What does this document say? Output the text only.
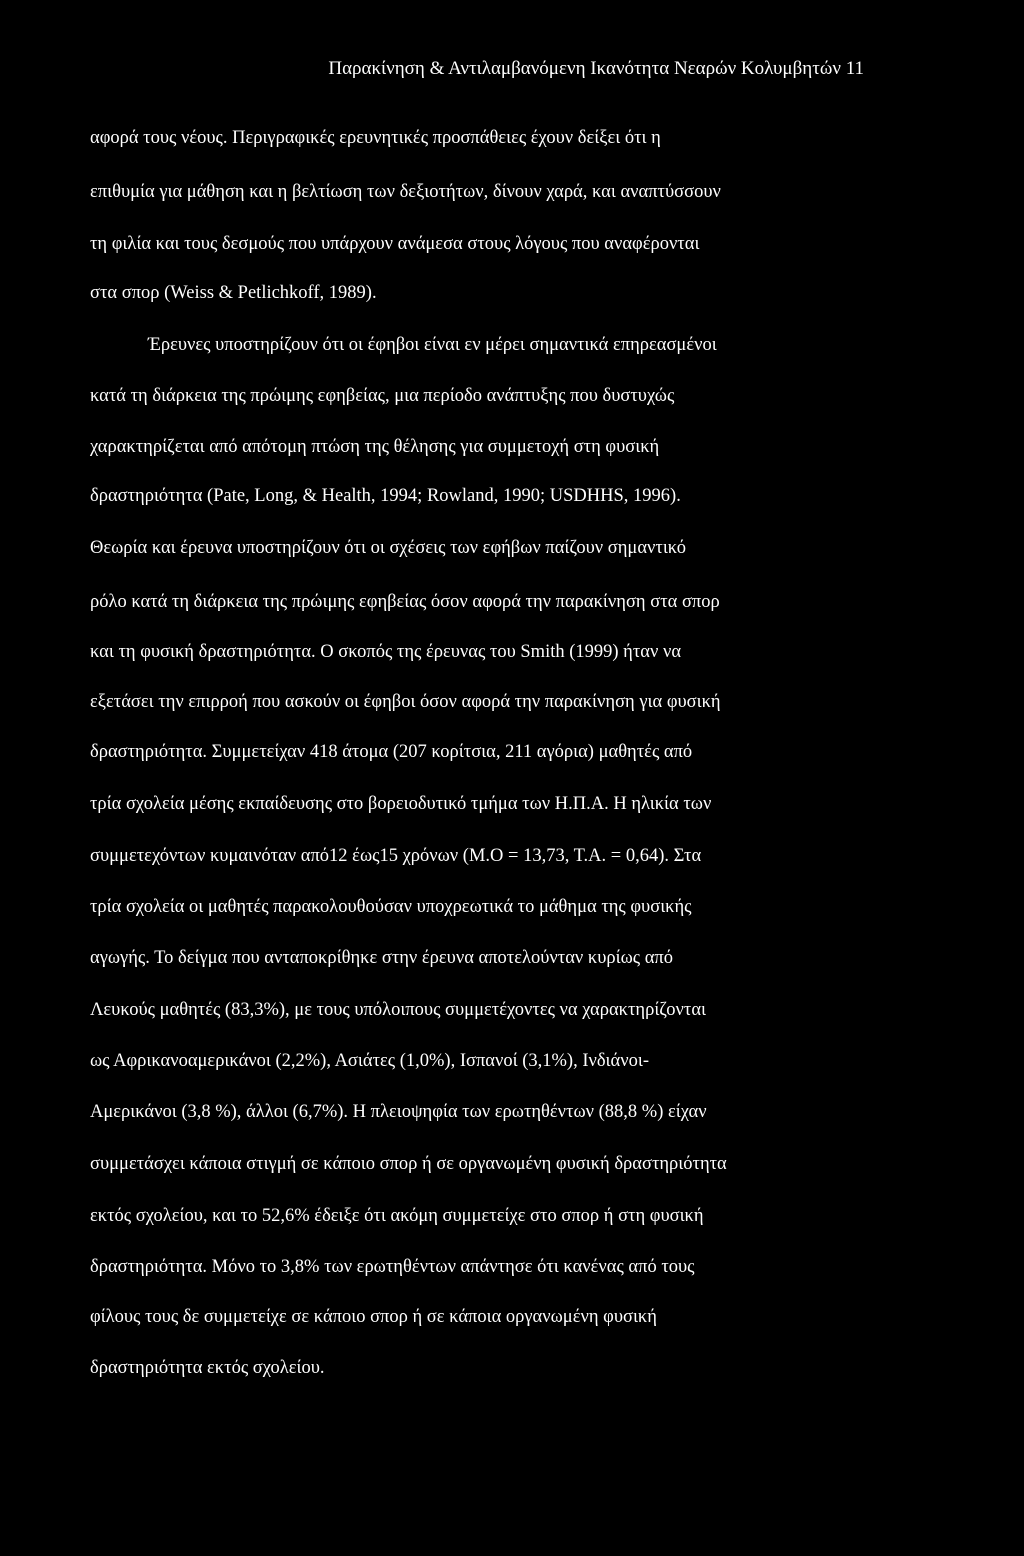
Παρακίνηση & Αντιλαμβανόμενη Ικανότητα Νεαρών Κολυμβητών 11
αφορά τους νέους. Περιγραφικές ερευνητικές προσπάθειες έχουν δείξει ότι η
επιθυμία για μάθηση και η βελτίωση των δεξιοτήτων, δίνουν χαρά, και αναπτύσσουν
τη φιλία και τους δεσμούς που υπάρχουν ανάμεσα στους λόγους που αναφέρονται
στα σπορ (Weiss & Petlichkoff, 1989).
Έρευνες υποστηρίζουν ότι οι έφηβοι είναι εν μέρει σημαντικά επηρεασμένοι
κατά τη διάρκεια της πρώιμης εφηβείας, μια περίοδο ανάπτυξης που δυστυχώς
χαρακτηρίζεται από απότομη πτώση της θέλησης για συμμετοχή στη φυσική
δραστηριότητα (Pate, Long, & Health, 1994; Rowland, 1990; USDHHS, 1996).
Θεωρία και έρευνα υποστηρίζουν ότι οι σχέσεις των εφήβων παίζουν σημαντικό
ρόλο κατά τη διάρκεια της πρώιμης εφηβείας όσον αφορά την παρακίνηση στα σπορ
και τη φυσική δραστηριότητα. Ο σκοπός της έρευνας του Smith (1999) ήταν να
εξετάσει την επιρροή που ασκούν οι έφηβοι όσον αφορά την παρακίνηση για φυσική
δραστηριότητα. Συμμετείχαν 418 άτομα (207 κορίτσια, 211 αγόρια) μαθητές από
τρία σχολεία μέσης εκπαίδευσης στο βορειοδυτικό τμήμα των Η.Π.Α. Η ηλικία των
συμμετεχόντων κυμαινόταν από12 έως15 χρόνων (Μ.Ο = 13,73, Τ.Α. = 0,64). Στα
τρία σχολεία οι μαθητές παρακολουθούσαν υποχρεωτικά το μάθημα της φυσικής
αγωγής. Το δείγμα που ανταποκρίθηκε στην έρευνα αποτελούνταν κυρίως από
Λευκούς μαθητές (83,3%), με τους υπόλοιπους συμμετέχοντες να χαρακτηρίζονται
ως Αφρικανοαμερικάνοι (2,2%), Ασιάτες (1,0%), Ισπανοί (3,1%), Ινδιάνοι-
Αμερικάνοι (3,8 %), άλλοι (6,7%). Η πλειοψηφία των ερωτηθέντων (88,8 %) είχαν
συμμετάσχει κάποια στιγμή σε κάποιο σπορ ή σε οργανωμένη φυσική δραστηριότητα
εκτός σχολείου, και το 52,6% έδειξε ότι ακόμη συμμετείχε στο σπορ ή στη φυσική
δραστηριότητα. Μόνο το 3,8% των ερωτηθέντων απάντησε ότι κανένας από τους
φίλους τους δε συμμετείχε σε κάποιο σπορ ή σε κάποια οργανωμένη φυσική
δραστηριότητα εκτός σχολείου.
